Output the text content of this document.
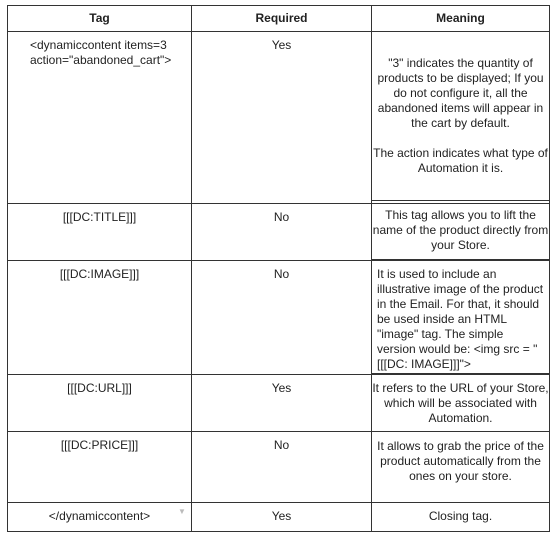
Tag	Required	Meaning
<dynamiccontent items=3 action="abandoned_cart">	Yes	"3" indicates the quantity of products to be displayed; If you do not configure it, all the abandoned items will appear in the cart by default.
The action indicates what type of Automation it is.

[[[DC:TITLE]]]	No	This tag allows you to lift the name of the product directly from your Store.

[[[DC:IMAGE]]]	No	It is used to include an illustrative image of the product in the Email. For that, it should be used inside an HTML "image" tag. The simple version would be: <img src = "[[[DC: IMAGE]]]">

[[[DC:URL]]]	Yes	It refers to the URL of your Store, which will be associated with Automation.

[[[DC:PRICE]]]	No	It allows to grab the price of the product automatically from the ones on your store.

</dynamiccontent> ▼	Yes	Closing tag.
